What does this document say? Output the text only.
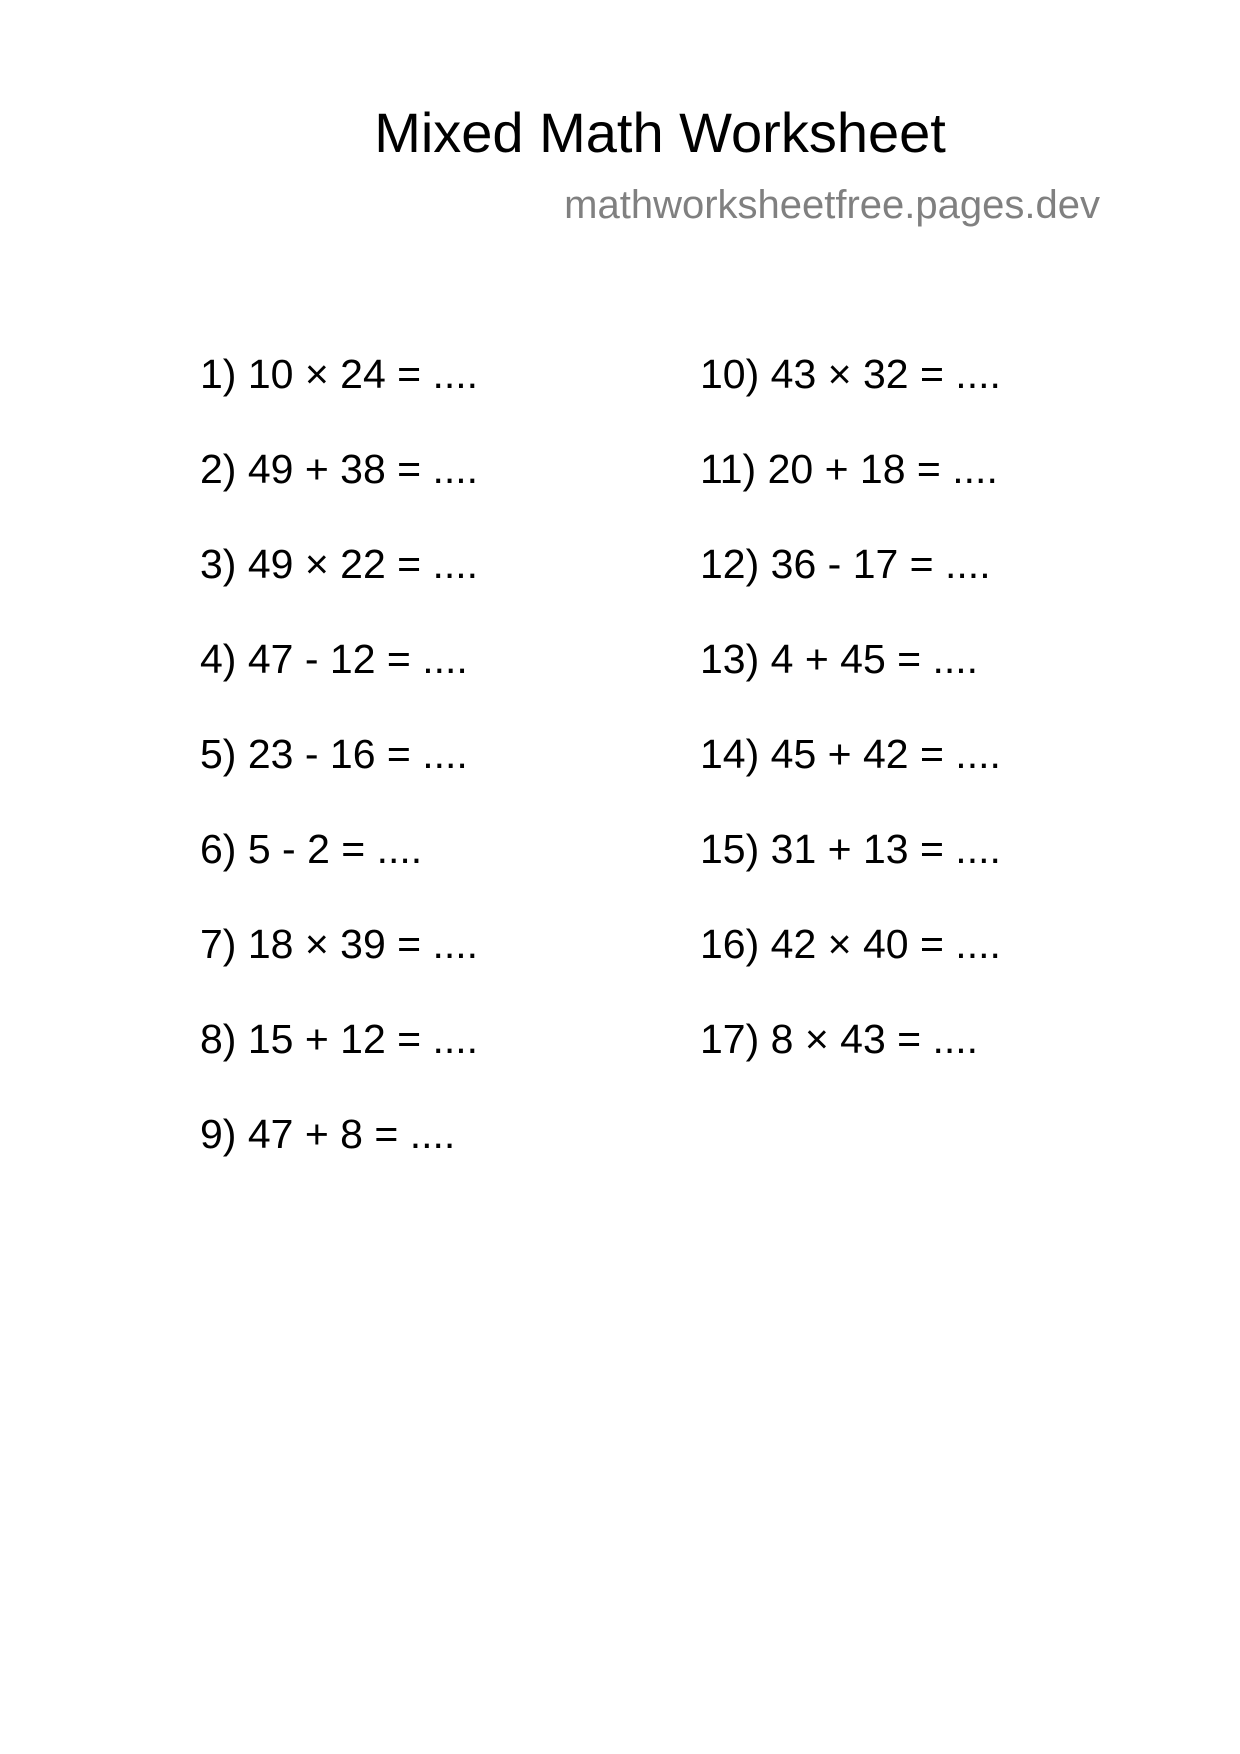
Mixed Math Worksheet
mathworksheetfree.pages.dev
1) 10 × 24 = ....
2) 49 + 38 = ....
3) 49 × 22 = ....
4) 47 - 12 = ....
5) 23 - 16 = ....
6) 5 - 2 = ....
7) 18 × 39 = ....
8) 15 + 12 = ....
9) 47 + 8 = ....
10) 43 × 32 = ....
11) 20 + 18 = ....
12) 36 - 17 = ....
13) 4 + 45 = ....
14) 45 + 42 = ....
15) 31 + 13 = ....
16) 42 × 40 = ....
17) 8 × 43 = ....
